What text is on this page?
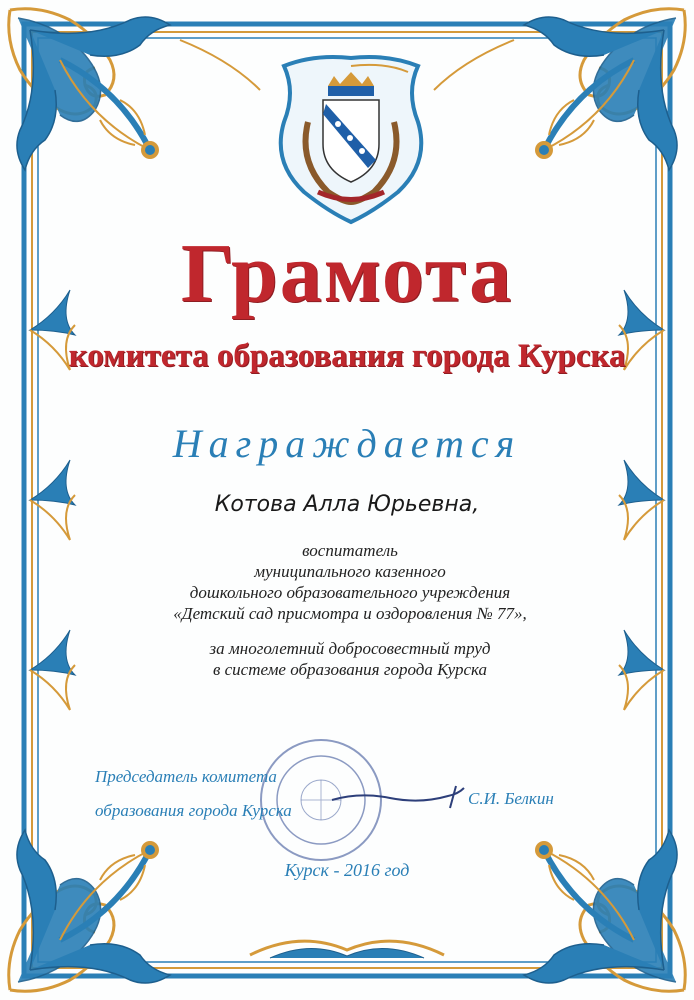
Грамота
комитета образования города Курска
Награждается
Котова Алла Юрьевна,
воспитатель
муниципального казенного
дошкольного образовательного учреждения
«Детский сад присмотра и оздоровления № 77»,
за многолетний добросовестный труд
в системе образования города Курска
Председатель комитета
образования города Курска
С.И. Белкин
Курск - 2016 год
